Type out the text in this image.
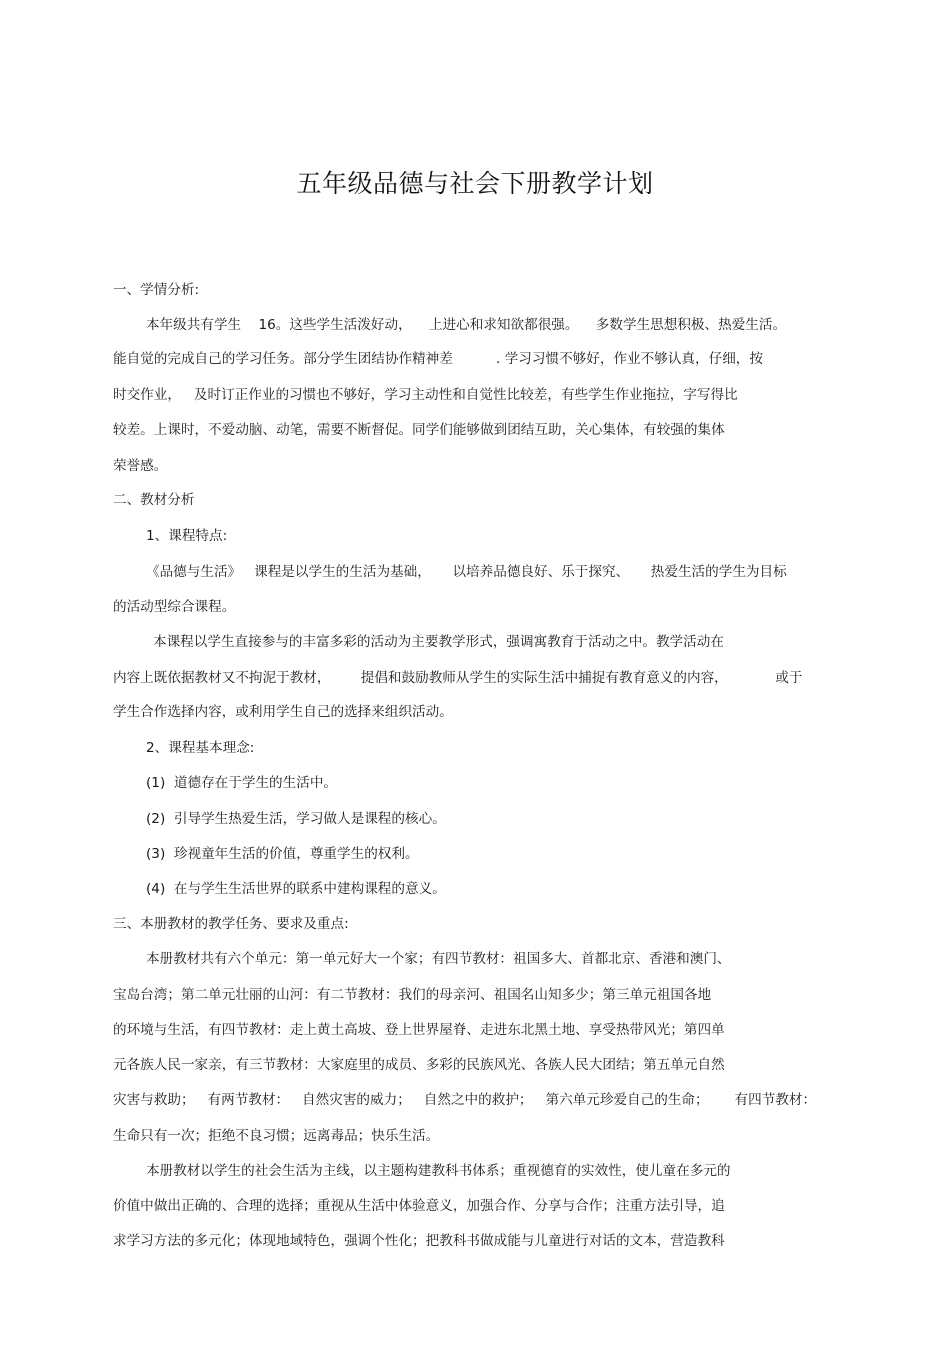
五年级品德与社会下册教学计划
一、学情分析:
本年级共有学生    16。这些学生活泼好动，    上进心和求知欲都很强。    多数学生思想积极、热爱生活。
能自觉的完成自己的学习任务。部分学生团结协作精神差          . 学习习惯不够好，作业不够认真，仔细，按
时交作业，   及时订正作业的习惯也不够好，学习主动性和自觉性比较差，有些学生作业拖拉，字写得比
较差。上课时，不爱动脑、动笔，需要不断督促。同学们能够做到团结互助，关心集体，有较强的集体
荣誉感。
二、教材分析
1、课程特点:
《品德与生活》   课程是以学生的生活为基础，     以培养品德良好、乐于探究、     热爱生活的学生为目标
的活动型综合课程。
本课程以学生直接参与的丰富多彩的活动为主要教学形式，强调寓教育于活动之中。教学活动在
内容上既依据教材又不拘泥于教材，       提倡和鼓励教师从学生的实际生活中捕捉有教育意义的内容，           或于
学生合作选择内容，或利用学生自己的选择来组织活动。
2、课程基本理念:
(1)  道德存在于学生的生活中。
(2)  引导学生热爱生活，学习做人是课程的核心。
(3)  珍视童年生活的价值，尊重学生的权利。
(4)  在与学生生活世界的联系中建构课程的意义。
三、本册教材的教学任务、要求及重点:
本册教材共有六个单元：第一单元好大一个家；有四节教材：祖国多大、首都北京、香港和澳门、
宝岛台湾；第二单元壮丽的山河：有二节教材：我们的母亲河、祖国名山知多少；第三单元祖国各地
的环境与生活，有四节教材：走上黄土高坡、登上世界屋脊、走进东北黑土地、享受热带风光；第四单
元各族人民一家亲，有三节教材：大家庭里的成员、多彩的民族风光、各族人民大团结；第五单元自然
灾害与救助；   有两节教材：   自然灾害的威力；   自然之中的救护；   第六单元珍爱自己的生命；      有四节教材：
生命只有一次；拒绝不良习惯；远离毒品；快乐生活。
本册教材以学生的社会生活为主线，以主题构建教科书体系；重视德育的实效性，使儿童在多元的
价值中做出正确的、合理的选择；重视从生活中体验意义，加强合作、分享与合作；注重方法引导，追
求学习方法的多元化；体现地域特色，强调个性化；把教科书做成能与儿童进行对话的文本，营造教科
